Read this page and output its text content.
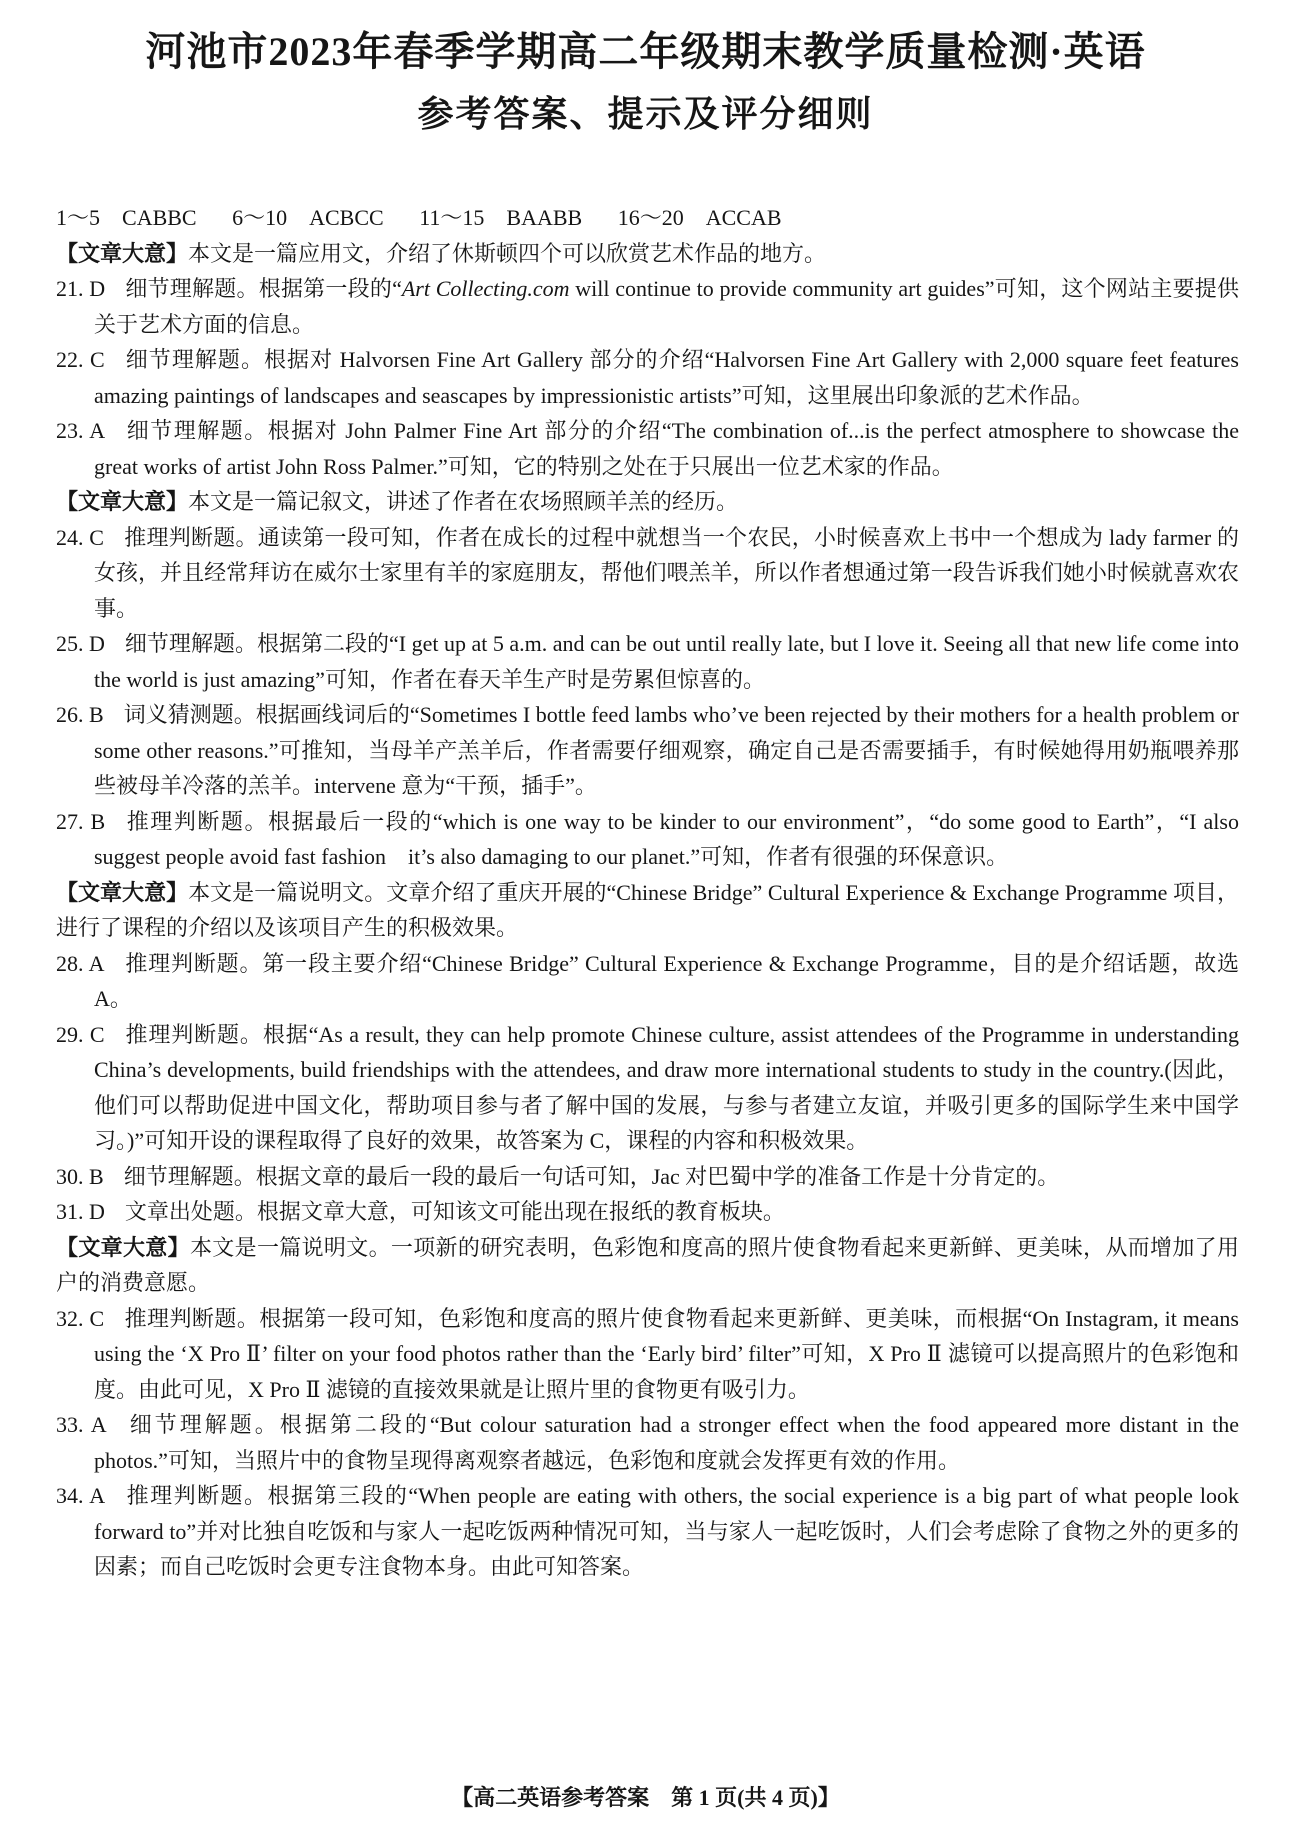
河池市2023年春季学期高二年级期末教学质量检测·英语
参考答案、提示及评分细则
1～5 CABBC 6～10 ACBCC 11～15 BAABB 16～20 ACCAB
【文章大意】本文是一篇应用文，介绍了休斯顿四个可以欣赏艺术作品的地方。
21. D 细节理解题。根据第一段的“Art Collecting.com will continue to provide community art guides”可知，这个网站主要提供关于艺术方面的信息。
22. C 细节理解题。根据对 Halvorsen Fine Art Gallery 部分的介绍“Halvorsen Fine Art Gallery with 2,000 square feet features amazing paintings of landscapes and seascapes by impressionistic artists”可知，这里展出印象派的艺术作品。
23. A 细节理解题。根据对 John Palmer Fine Art 部分的介绍“The combination of...is the perfect atmosphere to showcase the great works of artist John Ross Palmer.”可知，它的特别之处在于只展出一位艺术家的作品。
【文章大意】本文是一篇记叙文，讲述了作者在农场照顾羊羔的经历。
24. C 推理判断题。通读第一段可知，作者在成长的过程中就想当一个农民，小时候喜欢上书中一个想成为 lady farmer 的女孩，并且经常拜访在威尔士家里有羊的家庭朋友，帮他们喂羔羊，所以作者想通过第一段告诉我们她小时候就喜欢农事。
25. D 细节理解题。根据第二段的“I get up at 5 a.m. and can be out until really late, but I love it. Seeing all that new life come into the world is just amazing”可知，作者在春天羊生产时是劳累但惊喜的。
26. B 词义猜测题。根据画线词后的“Sometimes I bottle feed lambs who’ve been rejected by their mothers for a health problem or some other reasons.”可推知，当母羊产羔羊后，作者需要仔细观察，确定自己是否需要插手，有时候她得用奶瓶喂养那些被母羊冷落的羔羊。intervene 意为“干预，插手”。
27. B 推理判断题。根据最后一段的“which is one way to be kinder to our environment”，“do some good to Earth”，“I also suggest people avoid fast fashion　it’s also damaging to our planet.”可知，作者有很强的环保意识。
【文章大意】本文是一篇说明文。文章介绍了重庆开展的“Chinese Bridge” Cultural Experience & Exchange Programme 项目，进行了课程的介绍以及该项目产生的积极效果。
28. A 推理判断题。第一段主要介绍“Chinese Bridge” Cultural Experience & Exchange Programme，目的是介绍话题，故选 A。
29. C 推理判断题。根据“As a result, they can help promote Chinese culture, assist attendees of the Programme in understanding China’s developments, build friendships with the attendees, and draw more international students to study in the country.(因此，他们可以帮助促进中国文化，帮助项目参与者了解中国的发展，与参与者建立友谊，并吸引更多的国际学生来中国学习。)”可知开设的课程取得了良好的效果，故答案为 C，课程的内容和积极效果。
30. B 细节理解题。根据文章的最后一段的最后一句话可知，Jac 对巴蜀中学的准备工作是十分肯定的。
31. D 文章出处题。根据文章大意，可知该文可能出现在报纸的教育板块。
【文章大意】本文是一篇说明文。一项新的研究表明，色彩饱和度高的照片使食物看起来更新鲜、更美味，从而增加了用户的消费意愿。
32. C 推理判断题。根据第一段可知，色彩饱和度高的照片使食物看起来更新鲜、更美味，而根据“On Instagram, it means using the ‘X Pro Ⅱ’ filter on your food photos rather than the ‘Early bird’ filter”可知，X Pro Ⅱ 滤镜可以提高照片的色彩饱和度。由此可见，X Pro Ⅱ 滤镜的直接效果就是让照片里的食物更有吸引力。
33. A 细节理解题。根据第二段的“But colour saturation had a stronger effect when the food appeared more distant in the photos.”可知，当照片中的食物呈现得离观察者越远，色彩饱和度就会发挥更有效的作用。
34. A 推理判断题。根据第三段的“When people are eating with others, the social experience is a big part of what people look forward to”并对比独自吃饭和与家人一起吃饭两种情况可知，当与家人一起吃饭时，人们会考虑除了食物之外的更多的因素；而自己吃饭时会更专注食物本身。由此可知答案。
【高二英语参考答案　第 1 页(共 4 页)】
